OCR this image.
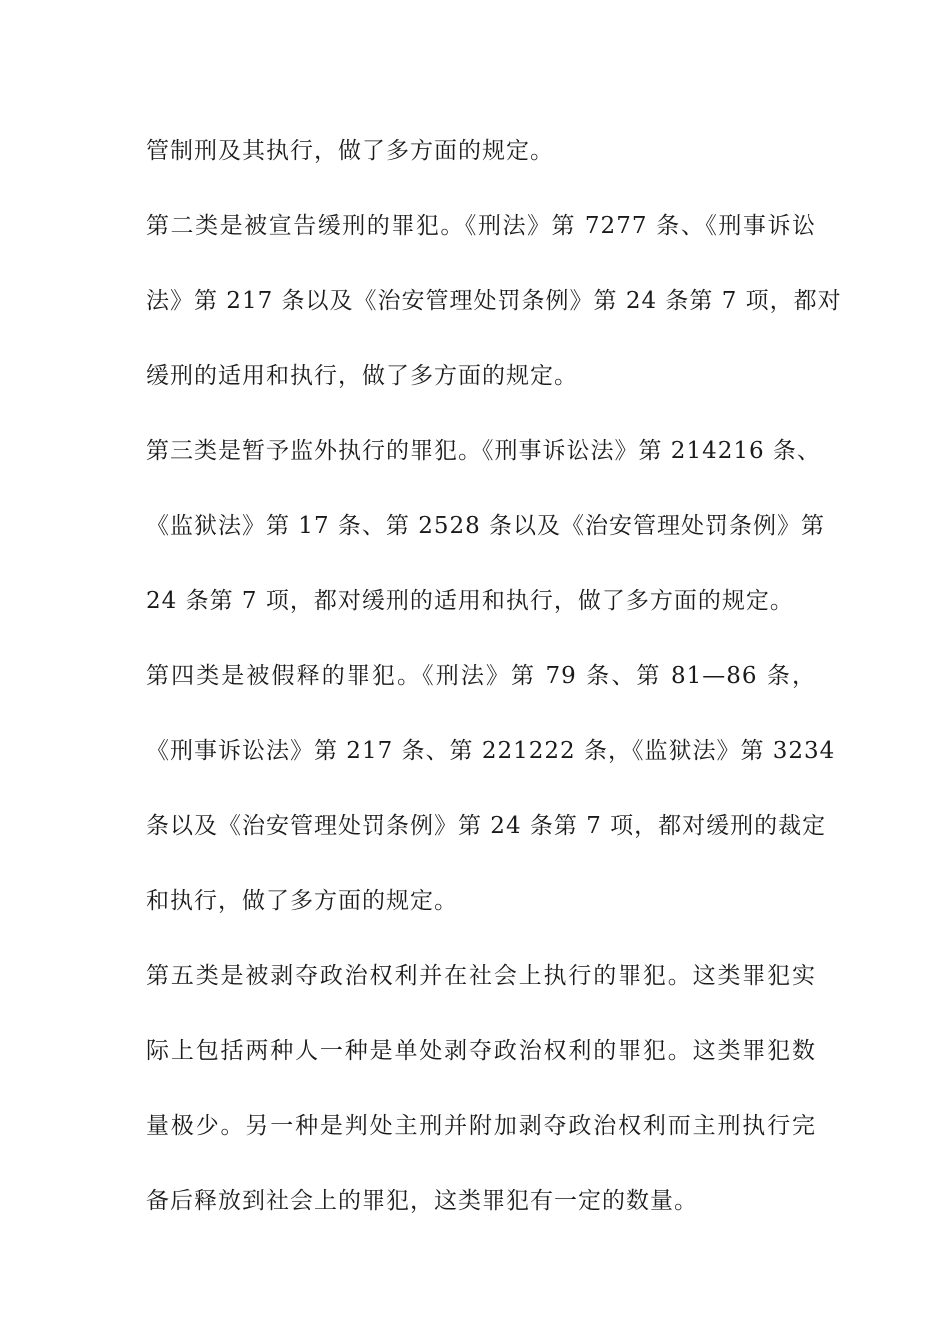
管制刑及其执行，做了多方面的规定。
第二类是被宣告缓刑的罪犯。《刑法》第 7277 条、《刑事诉讼
法》第 217 条以及《治安管理处罚条例》第 24 条第 7 项，都对
缓刑的适用和执行，做了多方面的规定。
第三类是暂予监外执行的罪犯。《刑事诉讼法》第 214216 条、
《监狱法》第 17 条、第 2528 条以及《治安管理处罚条例》第
24 条第 7 项，都对缓刑的适用和执行，做了多方面的规定。
第四类是被假释的罪犯。《刑法》第 79 条、第 81—86 条，
《刑事诉讼法》第 217 条、第 221222 条，《监狱法》第 3234
条以及《治安管理处罚条例》第 24 条第 7 项，都对缓刑的裁定
和执行，做了多方面的规定。
第五类是被剥夺政治权利并在社会上执行的罪犯。这类罪犯实
际上包括两种人一种是单处剥夺政治权利的罪犯。这类罪犯数
量极少。另一种是判处主刑并附加剥夺政治权利而主刑执行完
备后释放到社会上的罪犯，这类罪犯有一定的数量。
